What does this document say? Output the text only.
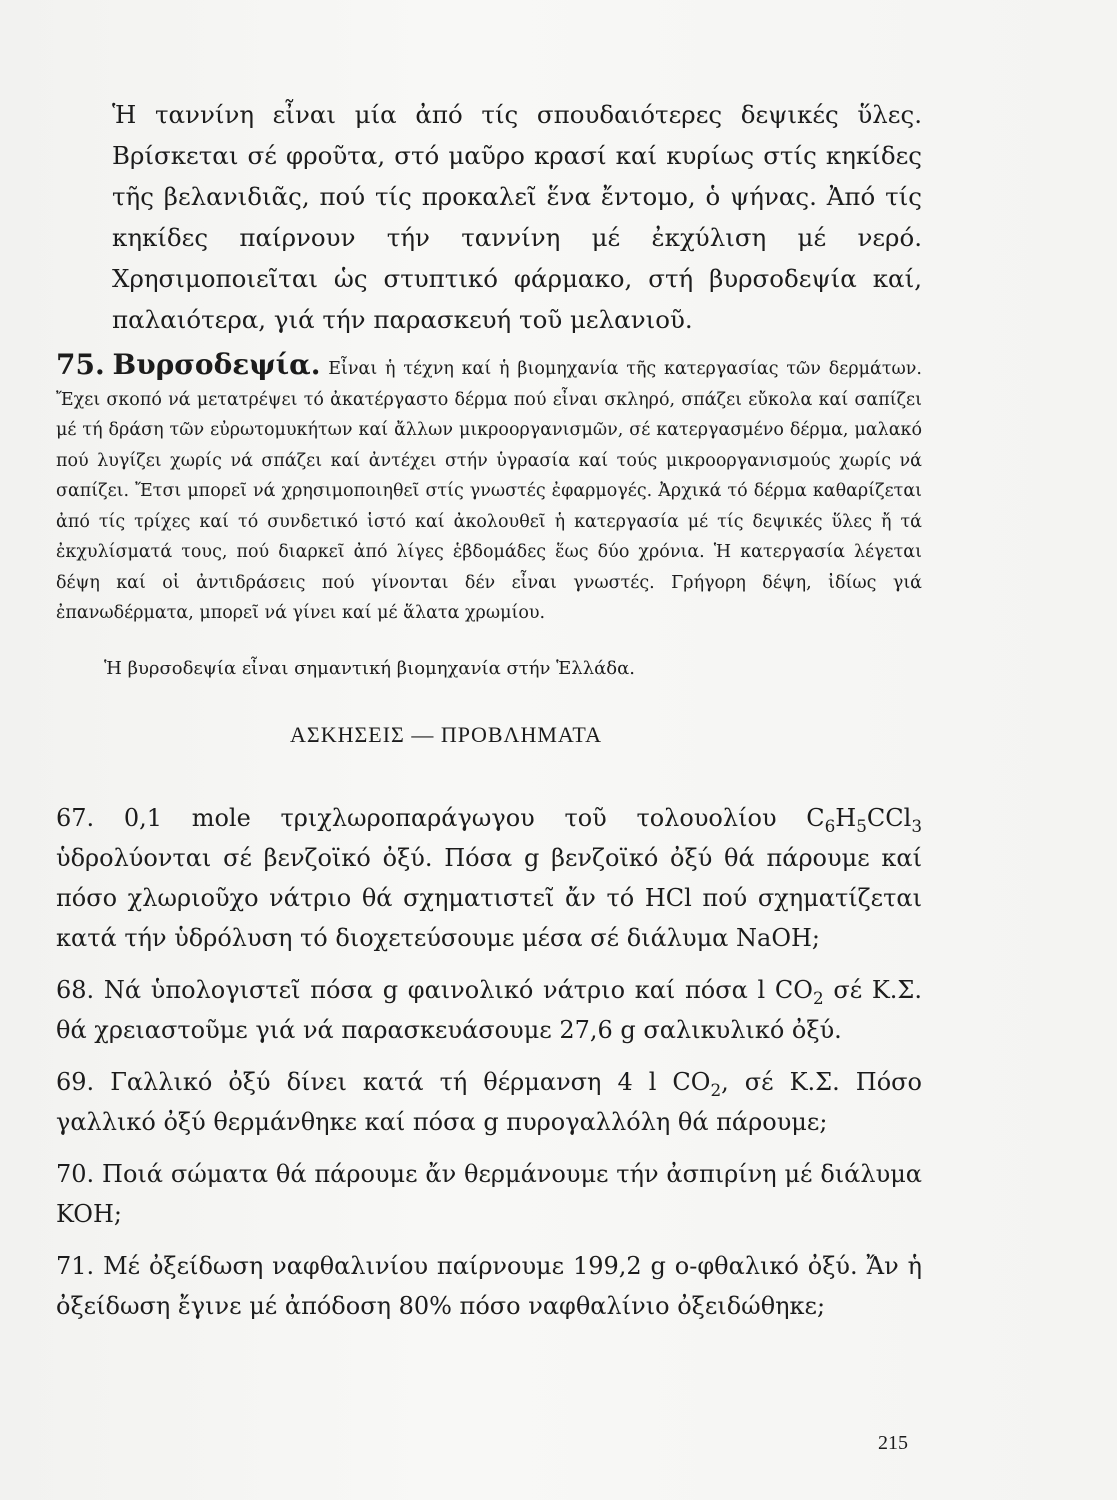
Ἡ ταννίνη εἶναι μία ἀπό τίς σπουδαιότερες δεψικές ὕλες. Βρίσκεται σέ φροῦτα, στό μαῦρο κρασί καί κυρίως στίς κηκίδες τῆς βελανιδιᾶς, πού τίς προκαλεῖ ἕνα ἔντομο, ὁ ψήνας. Ἀπό τίς κηκίδες παίρνουν τήν ταννίνη μέ ἐκχύλιση μέ νερό. Χρησιμοποιεῖται ὡς στυπτικό φάρμακο, στή βυρσοδεψία καί, παλαιότερα, γιά τήν παρασκευή τοῦ μελανιοῦ.

75. Βυρσοδεψία. Εἶναι ἡ τέχνη καί ἡ βιομηχανία τῆς κατεργασίας τῶν δερμάτων. Ἔχει σκοπό νά μετατρέψει τό ἀκατέργαστο δέρμα πού εἶναι σκληρό, σπάζει εὔκολα καί σαπίζει μέ τή δράση τῶν εὐρωτομυκήτων καί ἄλλων μικροοργανισμῶν, σέ κατεργασμένο δέρμα, μαλακό πού λυγίζει χωρίς νά σπάζει καί ἀντέχει στήν ὑγρασία καί τούς μικροοργανισμούς χωρίς νά σαπίζει. Ἔτσι μπορεῖ νά χρησιμοποιηθεῖ στίς γνωστές ἐφαρμογές. Ἀρχικά τό δέρμα καθαρίζεται ἀπό τίς τρίχες καί τό συνδετικό ἱστό καί ἀκολουθεῖ ἡ κατεργασία μέ τίς δεψικές ὕλες ἤ τά ἐκχυλίσματά τους, πού διαρκεῖ ἀπό λίγες ἑβδομάδες ἕως δύο χρόνια. Ἡ κατεργασία λέγεται δέψη καί οἱ ἀντιδράσεις πού γίνονται δέν εἶναι γνωστές. Γρήγορη δέψη, ἰδίως γιά ἐπανωδέρματα, μπορεῖ νά γίνει καί μέ ἅλατα χρωμίου.
Ἡ βυρσοδεψία εἶναι σημαντική βιομηχανία στήν Ἑλλάδα.
ΑΣΚΗΣΕΙΣ — ΠΡΟΒΛΗΜΑΤΑ

67. 0,1 mole τριχλωροπαράγωγου τοῦ τολουολίου $C_6H_5CCl_3$ ὑδρολύονται σέ βενζοϊκό ὀξύ. Πόσα g βενζοϊκό ὀξύ θά πάρουμε καί πόσο χλωριοῦχο νάτριο θά σχηματιστεῖ ἄν τό HCl πού σχηματίζεται κατά τήν ὑδρόλυση τό διοχετεύσουμε μέσα σέ διάλυμα NaOH;

68. Νά ὑπολογιστεῖ πόσα g φαινολικό νάτριο καί πόσα l $CO_2$ σέ Κ.Σ. θά χρειαστοῦμε γιά νά παρασκευάσουμε 27,6 g σαλικυλικό ὀξύ.

69. Γαλλικό ὀξύ δίνει κατά τή θέρμανση 4 l $CO_2$, σέ Κ.Σ. Πόσο γαλλικό ὀξύ θερμάνθηκε καί πόσα g πυρογαλλόλη θά πάρουμε;

70. Ποιά σώματα θά πάρουμε ἄν θερμάνουμε τήν ἀσπιρίνη μέ διάλυμα KOH;

71. Μέ ὀξείδωση ναφθαλινίου παίρνουμε 199,2 g ο-φθαλικό ὀξύ. Ἄν ἡ ὀξείδωση ἔγινε μέ ἀπόδοση 80% πόσο ναφθαλίνιο ὀξειδώθηκε;

215
